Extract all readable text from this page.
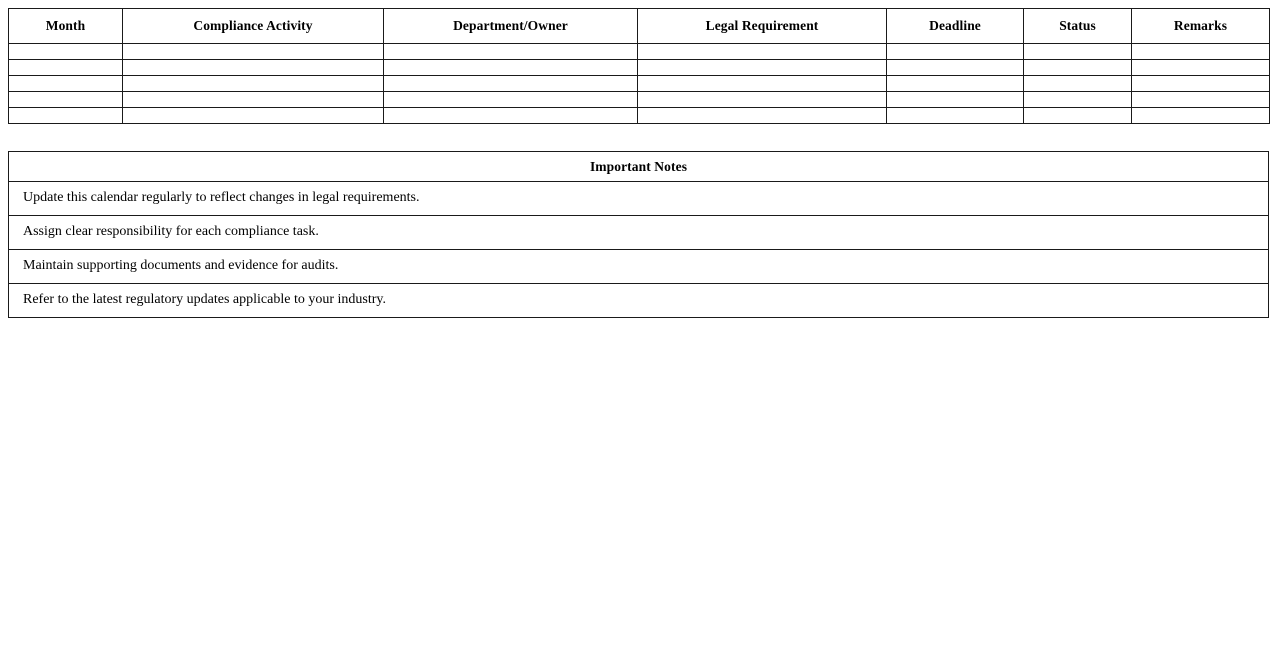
Month	Compliance Activity	Department/Owner	Legal Requirement	Deadline	Status	Remarks

Important Notes
Update this calendar regularly to reflect changes in legal requirements.
Assign clear responsibility for each compliance task.
Maintain supporting documents and evidence for audits.
Refer to the latest regulatory updates applicable to your industry.
